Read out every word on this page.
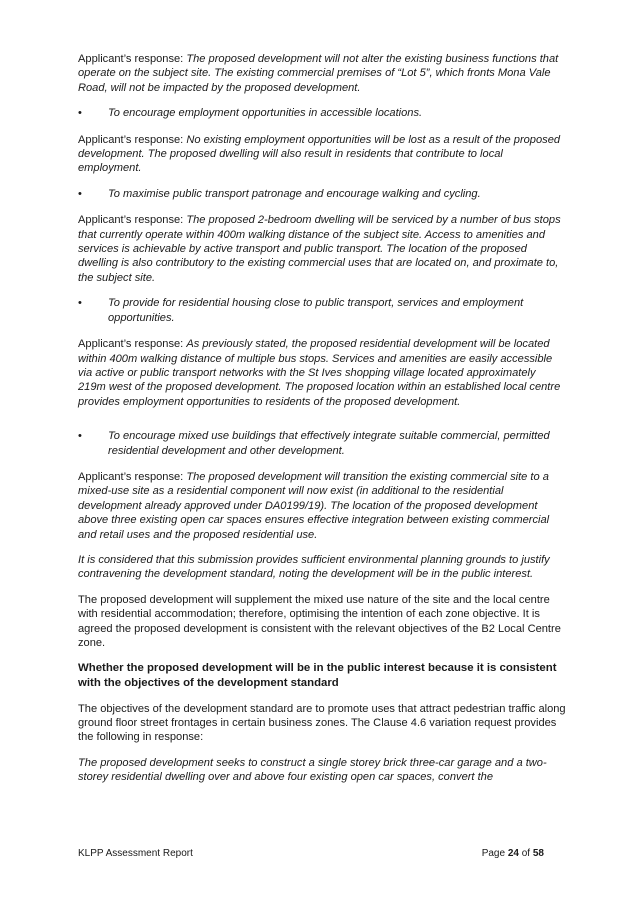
Applicant’s response: The proposed development will not alter the existing business functions that operate on the subject site. The existing commercial premises of “Lot 5”, which fronts Mona Vale Road, will not be impacted by the proposed development.

• To encourage employment opportunities in accessible locations.

Applicant’s response: No existing employment opportunities will be lost as a result of the proposed development. The proposed dwelling will also result in residents that contribute to local employment.

• To maximise public transport patronage and encourage walking and cycling.

Applicant’s response: The proposed 2-bedroom dwelling will be serviced by a number of bus stops that currently operate within 400m walking distance of the subject site. Access to amenities and services is achievable by active transport and public transport. The location of the proposed dwelling is also contributory to the existing commercial uses that are located on, and proximate to, the subject site.

• To provide for residential housing close to public transport, services and employment opportunities.

Applicant’s response: As previously stated, the proposed residential development will be located within 400m walking distance of multiple bus stops. Services and amenities are easily accessible via active or public transport networks with the St Ives shopping village located approximately 219m west of the proposed development. The proposed location within an established local centre provides employment opportunities to residents of the proposed development.

• To encourage mixed use buildings that effectively integrate suitable commercial, permitted residential development and other development.

Applicant’s response: The proposed development will transition the existing commercial site to a mixed-use site as a residential component will now exist (in additional to the residential development already approved under DA0199/19). The location of the proposed development above three existing open car spaces ensures effective integration between existing commercial and retail uses and the proposed residential use.

It is considered that this submission provides sufficient environmental planning grounds to justify contravening the development standard, noting the development will be in the public interest.

The proposed development will supplement the mixed use nature of the site and the local centre with residential accommodation; therefore, optimising the intention of each zone objective. It is agreed the proposed development is consistent with the relevant objectives of the B2 Local Centre zone.

Whether the proposed development will be in the public interest because it is consistent with the objectives of the development standard

The objectives of the development standard are to promote uses that attract pedestrian traffic along ground floor street frontages in certain business zones. The Clause 4.6 variation request provides the following in response:

The proposed development seeks to construct a single storey brick three-car garage and a two-storey residential dwelling over and above four existing open car spaces, convert the

KLPP Assessment Report	Page 24 of 58
